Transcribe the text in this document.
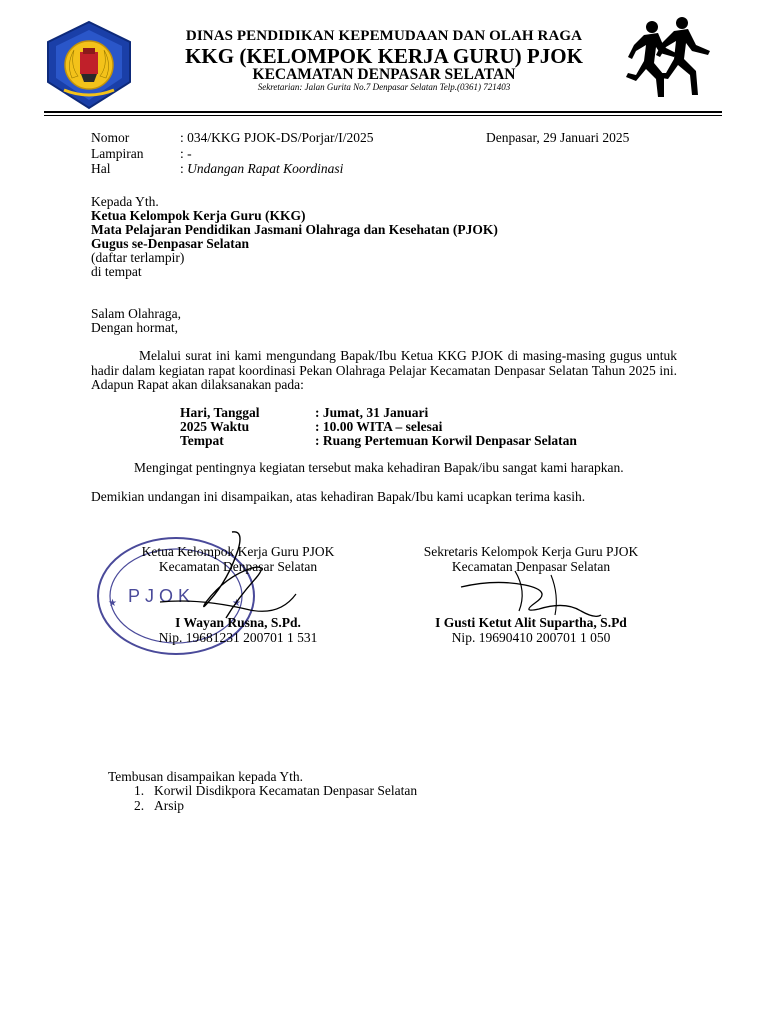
DINAS PENDIDIKAN KEPEMUDAAN DAN OLAH RAGA
KKG (KELOMPOK KERJA GURU) PJOK
KECAMATAN DENPASAR SELATAN
Sekretarian: Jalan Gurita No.7 Denpasar Selatan Telp.(0361) 721403
Nomor	: 034/KKG PJOK-DS/Porjar/I/2025	Denpasar, 29 Januari 2025
Lampiran	: -
Hal	: Undangan Rapat Koordinasi
Kepada Yth.
Ketua Kelompok Kerja Guru (KKG)
Mata Pelajaran Pendidikan Jasmani Olahraga dan Kesehatan (PJOK)
Gugus se-Denpasar Selatan
(daftar terlampir)
di tempat
Salam Olahraga,
Dengan hormat,
Melalui surat ini kami mengundang Bapak/Ibu Ketua KKG PJOK di masing-masing gugus untuk hadir dalam kegiatan rapat koordinasi Pekan Olahraga Pelajar Kecamatan Denpasar Selatan Tahun 2025 ini. Adapun Rapat akan dilaksanakan pada:
Hari, Tanggal	: Jumat, 31 Januari
2025 Waktu	: 10.00 WITA – selesai
Tempat	: Ruang Pertemuan Korwil Denpasar Selatan
Mengingat pentingnya kegiatan tersebut maka kehadiran Bapak/ibu sangat kami harapkan.
Demikian undangan ini disampaikan, atas kehadiran Bapak/Ibu kami ucapkan terima kasih.
PJOK
★	★
Ketua Kelompok Kerja Guru PJOK
Kecamatan Denpasar Selatan
I Wayan Rusna, S.Pd.
Nip. 19681231 200701 1 531
Sekretaris Kelompok Kerja Guru PJOK
Kecamatan Denpasar Selatan
I Gusti Ketut Alit Supartha, S.Pd
Nip. 19690410 200701 1 050
Tembusan disampaikan kepada Yth.
1. Korwil Disdikpora Kecamatan Denpasar Selatan
2. Arsip
